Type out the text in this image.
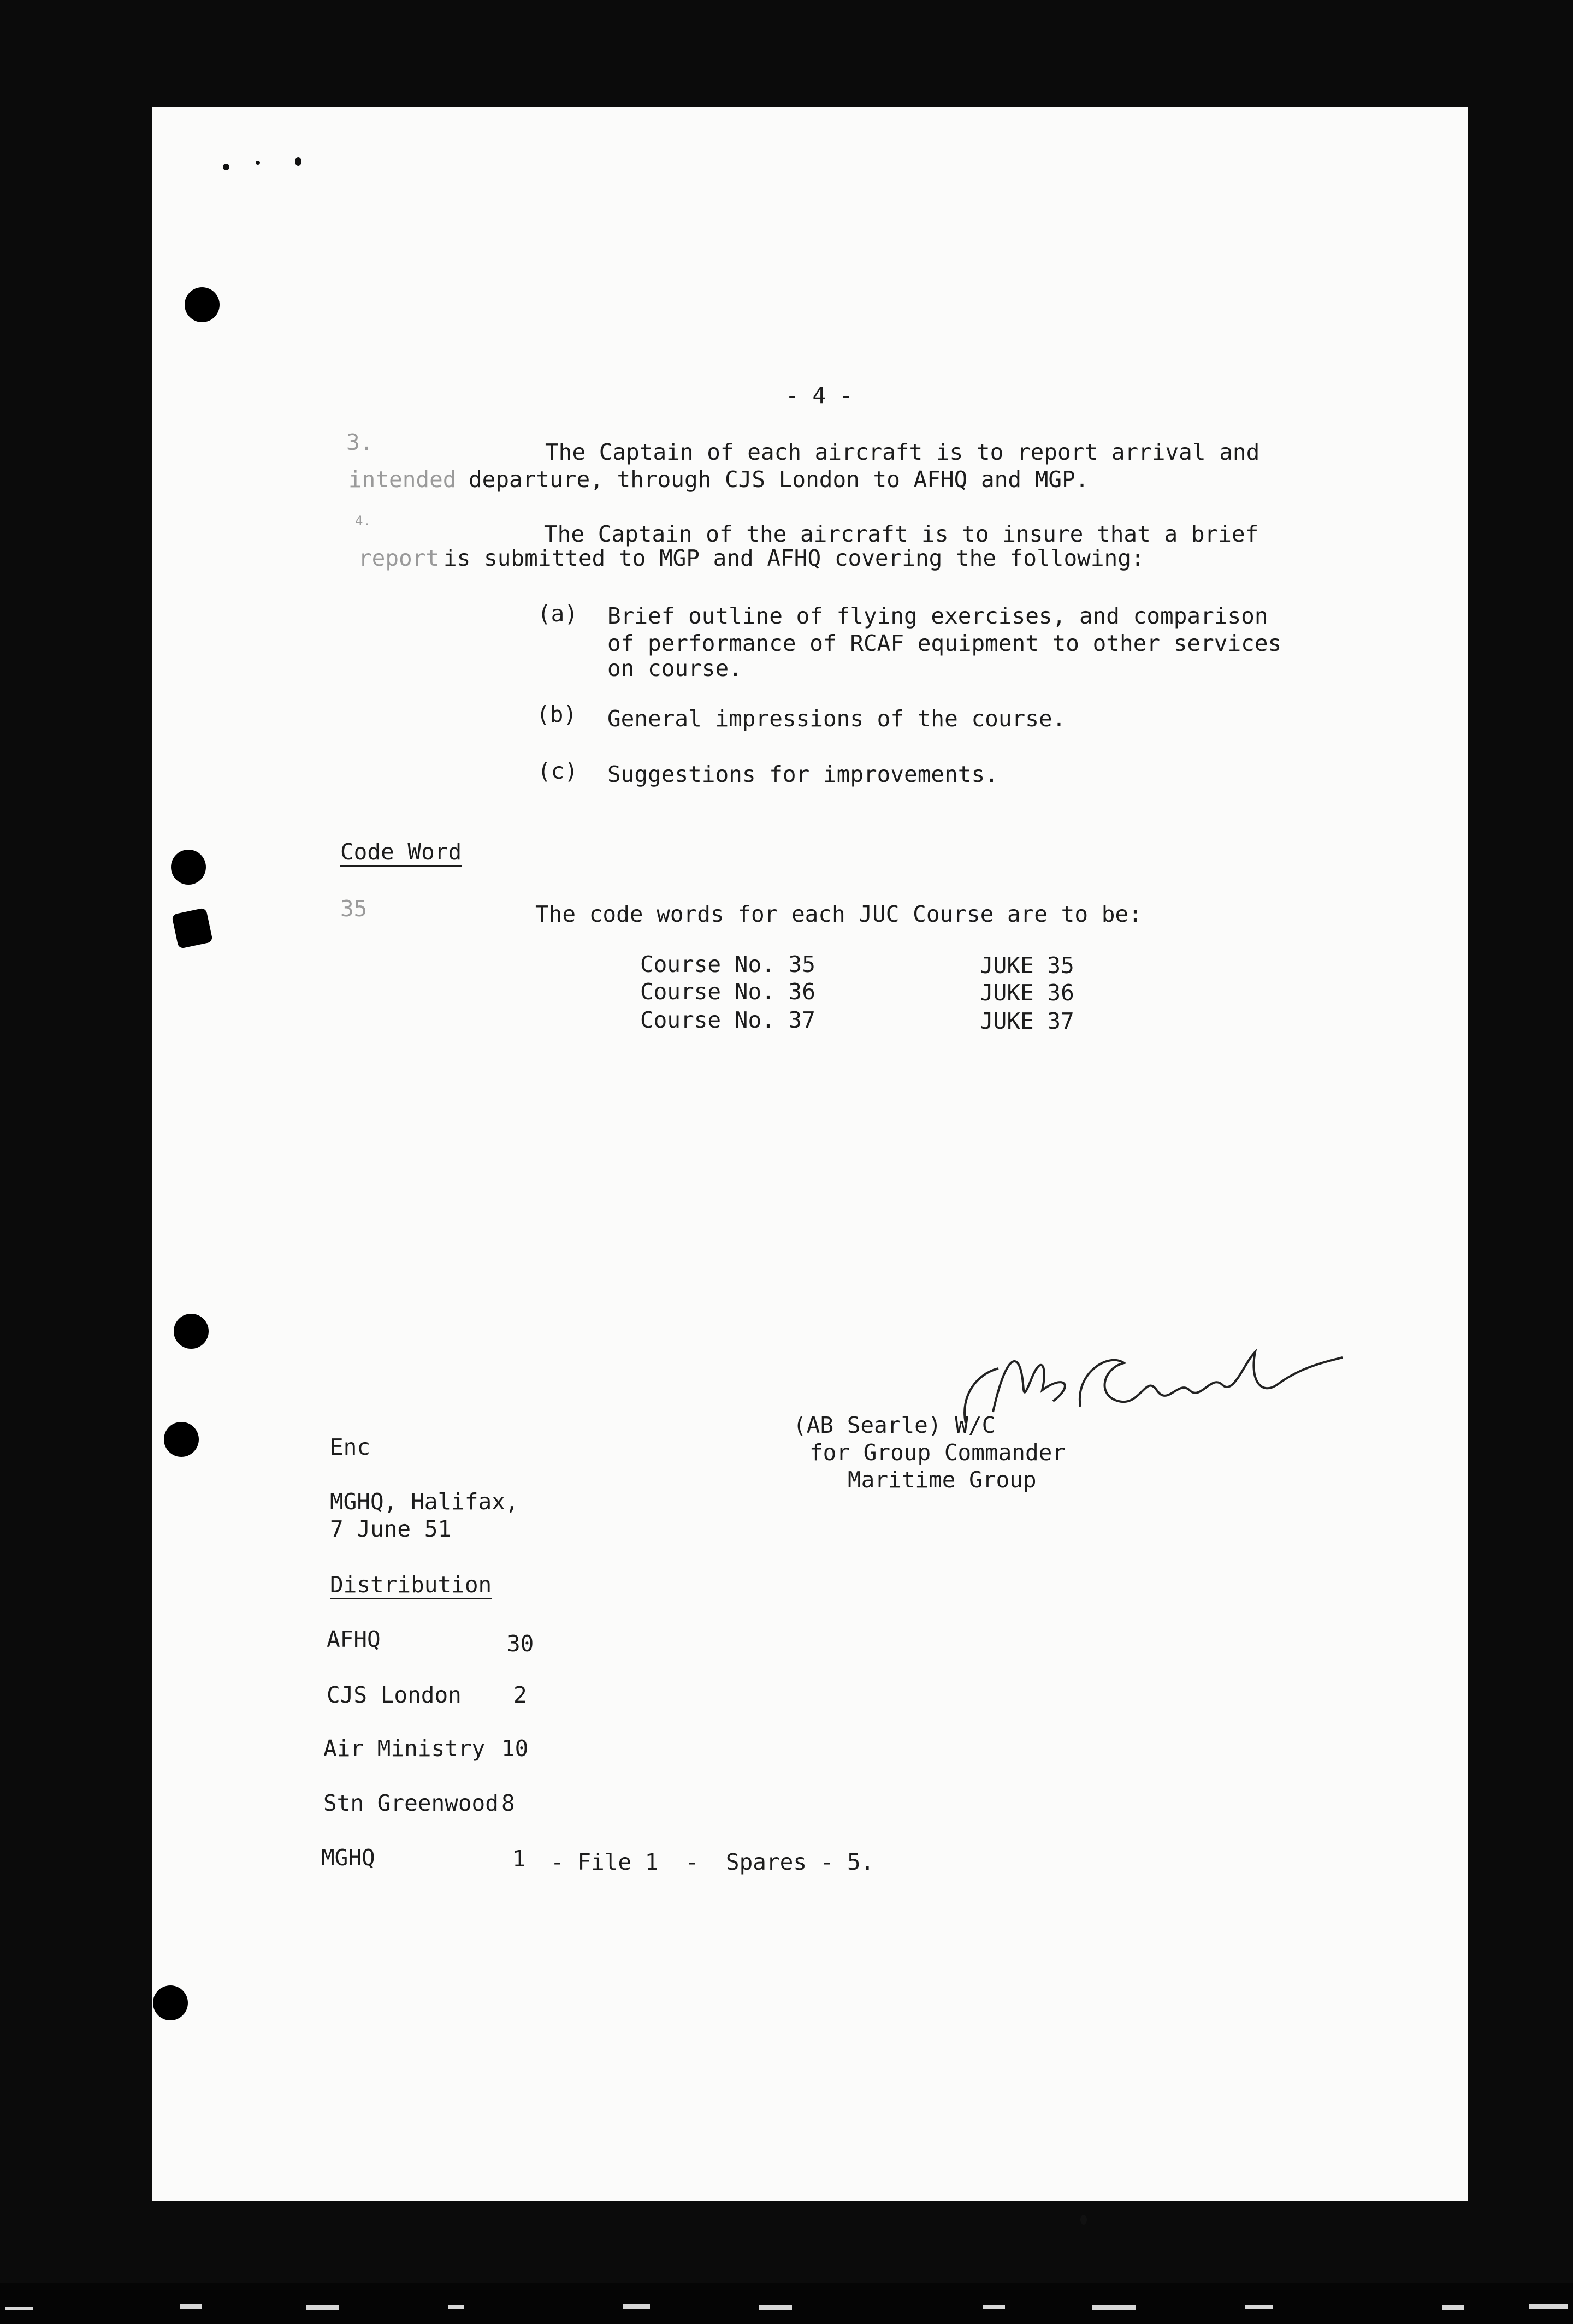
- 4 -
3.	The Captain of each aircraft is to report arrival and
intended departure, through CJS London to AFHQ and MGP.
4.	The Captain of the aircraft is to insure that a brief
report is submitted to MGP and AFHQ covering the following:
(a) Brief outline of flying exercises, and comparison
of performance of RCAF equipment to other services
on course.
(b) General impressions of the course.
(c) Suggestions for improvements.
Code Word
35	The code words for each JUC Course are to be:
Course No. 35	JUKE 35
Course No. 36	JUKE 36
Course No. 37	JUKE 37
(AB Searle) W/C
for Group Commander
Maritime Group
Enc
MGHQ, Halifax,
7 June 51
Distribution
AFHQ	30
CJS London 2
Air Ministry 10
Stn Greenwood 8
MGHQ	1 - File 1  -  Spares - 5.
